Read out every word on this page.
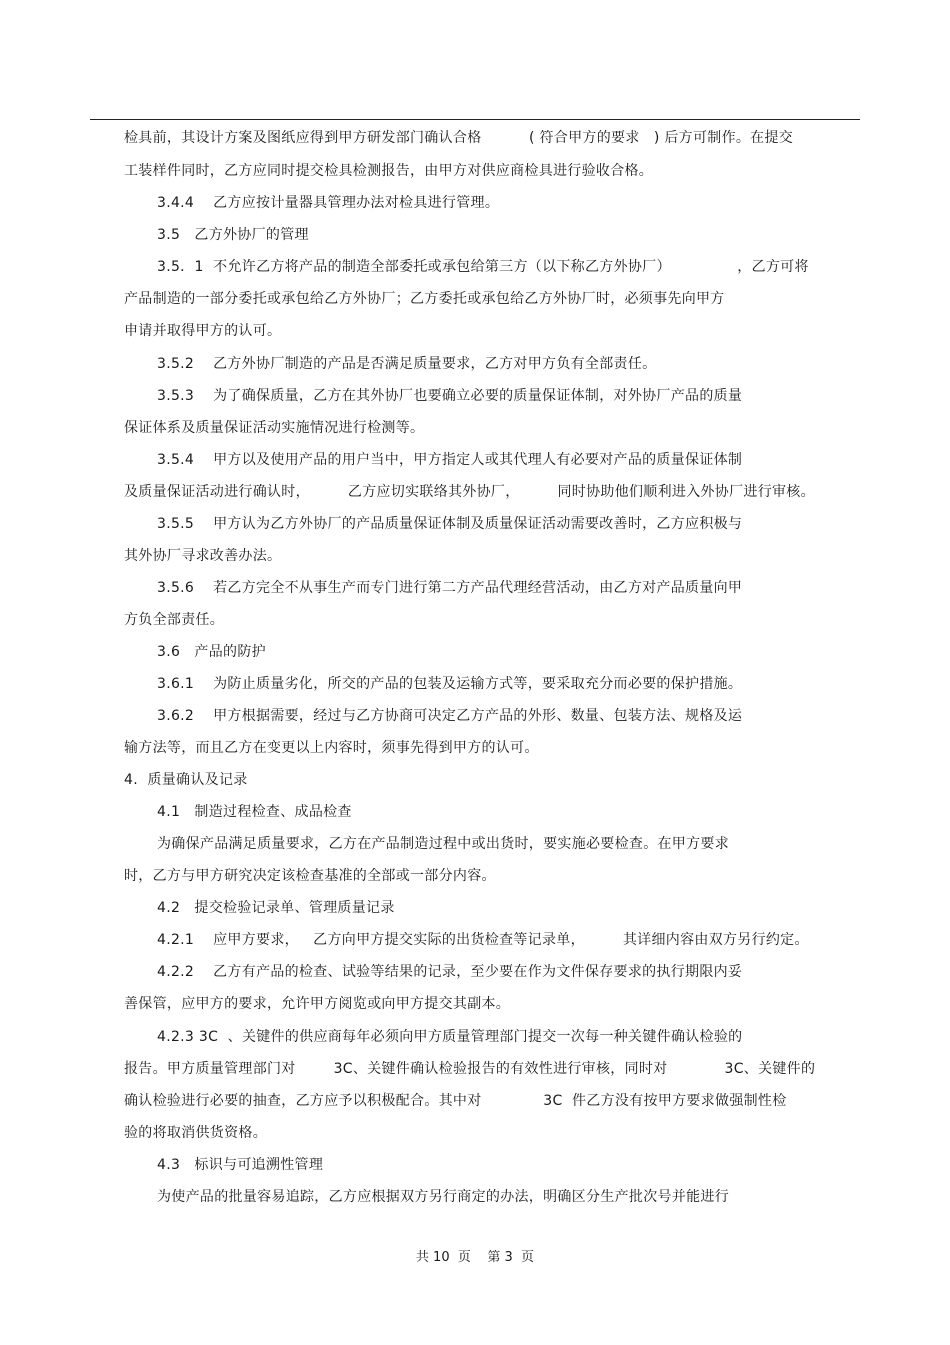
检具前，其设计方案及图纸应得到甲方研发部门确认合格          ( 符合甲方的要求   ) 后方可制作。在提交
工装样件同时，乙方应同时提交检具检测报告，由甲方对供应商检具进行验收合格。
3.4.4    乙方应按计量器具管理办法对检具进行管理。
3.5   乙方外协厂的管理
3.5．1  不允许乙方将产品的制造全部委托或承包给第三方（以下称乙方外协厂）              ，乙方可将
产品制造的一部分委托或承包给乙方外协厂；乙方委托或承包给乙方外协厂时，必须事先向甲方
申请并取得甲方的认可。
3.5.2    乙方外协厂制造的产品是否满足质量要求，乙方对甲方负有全部责任。
3.5.3    为了确保质量，乙方在其外协厂也要确立必要的质量保证体制，对外协厂产品的质量
保证体系及质量保证活动实施情况进行检测等。
3.5.4    甲方以及使用产品的用户当中，甲方指定人或其代理人有必要对产品的质量保证体制
及质量保证活动进行确认时，        乙方应切实联络其外协厂，        同时协助他们顺利进入外协厂进行审核。
3.5.5    甲方认为乙方外协厂的产品质量保证体制及质量保证活动需要改善时，乙方应积极与
其外协厂寻求改善办法。
3.5.6    若乙方完全不从事生产而专门进行第二方产品代理经营活动，由乙方对产品质量向甲
方负全部责任。
3.6   产品的防护
3.6.1    为防止质量劣化，所交的产品的包装及运输方式等，要采取充分而必要的保护措施。
3.6.2    甲方根据需要，经过与乙方协商可决定乙方产品的外形、数量、包装方法、规格及运
输方法等，而且乙方在变更以上内容时，须事先得到甲方的认可。
4.  质量确认及记录
4.1   制造过程检查、成品检查
为确保产品满足质量要求，乙方在产品制造过程中或出货时，要实施必要检查。在甲方要求
时，乙方与甲方研究决定该检查基准的全部或一部分内容。
4.2   提交检验记录单、管理质量记录
4.2.1    应甲方要求，   乙方向甲方提交实际的出货检查等记录单，        其详细内容由双方另行约定。
4.2.2    乙方有产品的检查、试验等结果的记录，至少要在作为文件保存要求的执行期限内妥
善保管，应甲方的要求，允许甲方阅览或向甲方提交其副本。
4.2.3 3C  、关键件的供应商每年必须向甲方质量管理部门提交一次每一种关键件确认检验的
报告。甲方质量管理部门对        3C、关键件确认检验报告的有效性进行审核，同时对            3C、关键件的
确认检验进行必要的抽查，乙方应予以积极配合。其中对             3C  件乙方没有按甲方要求做强制性检
验的将取消供货资格。
4.3   标识与可追溯性管理
为使产品的批量容易追踪，乙方应根据双方另行商定的办法，明确区分生产批次号并能进行
共 10  页    第 3  页
